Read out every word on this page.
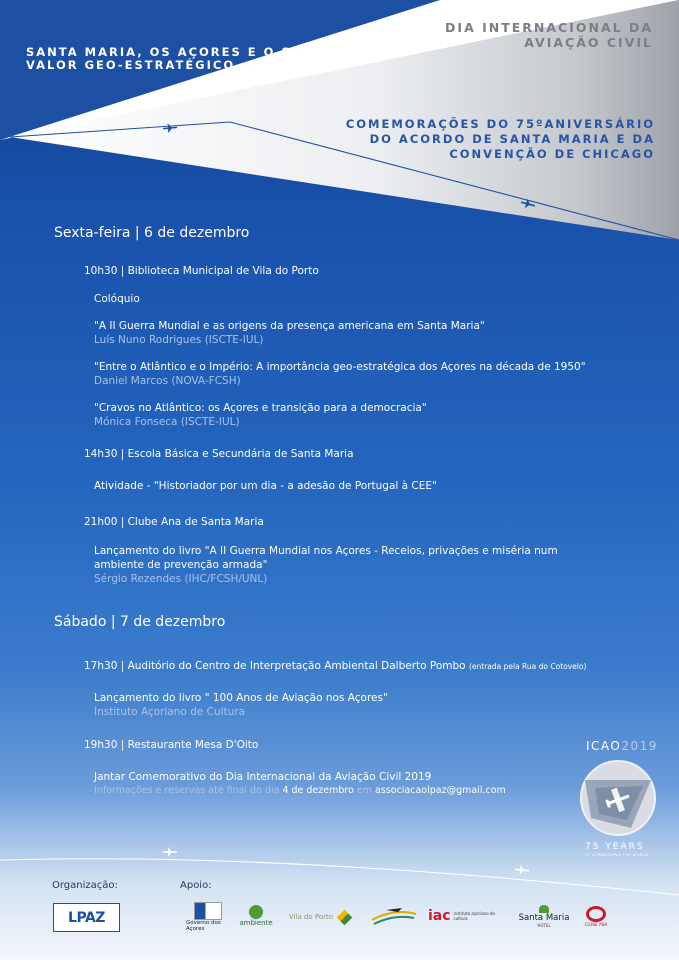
SANTA MARIA, OS AÇORES E O SEU
VALOR GEO-ESTRATÉGICO
DIA INTERNACIONAL DA
AVIAÇÃO CIVIL
COMEMORAÇÕES DO 75ºANIVERSÁRIO
DO ACORDO DE SANTA MARIA E DA
CONVENÇÃO DE CHICAGO
Sexta-feira | 6 de dezembro
10h30 | Biblioteca Municipal de Vila do Porto
Colóquio
"A II Guerra Mundial e as origens da presença americana em Santa Maria"
Luís Nuno Rodrigues (ISCTE-IUL)
"Entre o Atlântico e o Império: A importância geo-estratégica dos Açores na década de 1950"
Daniel Marcos (NOVA-FCSH)
"Cravos no Atlântico: os Açores e transição para a democracia"
Mónica Fonseca (ISCTE-IUL)
14h30 | Escola Básica e Secundária de Santa Maria
Atividade - "Historiador por um dia - a adesão de Portugal à CEE"
21h00 | Clube Ana de Santa Maria
Lançamento do livro "A II Guerra Mundial nos Açores - Receios, privações e miséria num
ambiente de prevenção armada"
Sérgio Rezendes (IHC/FCSH/UNL)
Sábado | 7 de dezembro
17h30 | Auditório do Centro de Interpretação Ambiental Dalberto Pombo (entrada pela Rua do Cotovelo)
Lançamento do livro " 100 Anos de Aviação nos Açores"
Instituto Açoriano de Cultura
19h30 | Restaurante Mesa D'Oito
Jantar Comemorativo do Dia Internacional da Aviação Civil 2019
Informações e reservas até final do dia 4 de dezembro em associacaolpaz@gmail.com
ICAO2019
75 YEARS
OF CONNECTING THE WORLD
Organização:	Apoio:
LPAZ	Governo dos Açores
ambiente
Vila do Porto	iac instituto açoriano de cultura	Santa Maria
HOTEL	CLUBE ANA
